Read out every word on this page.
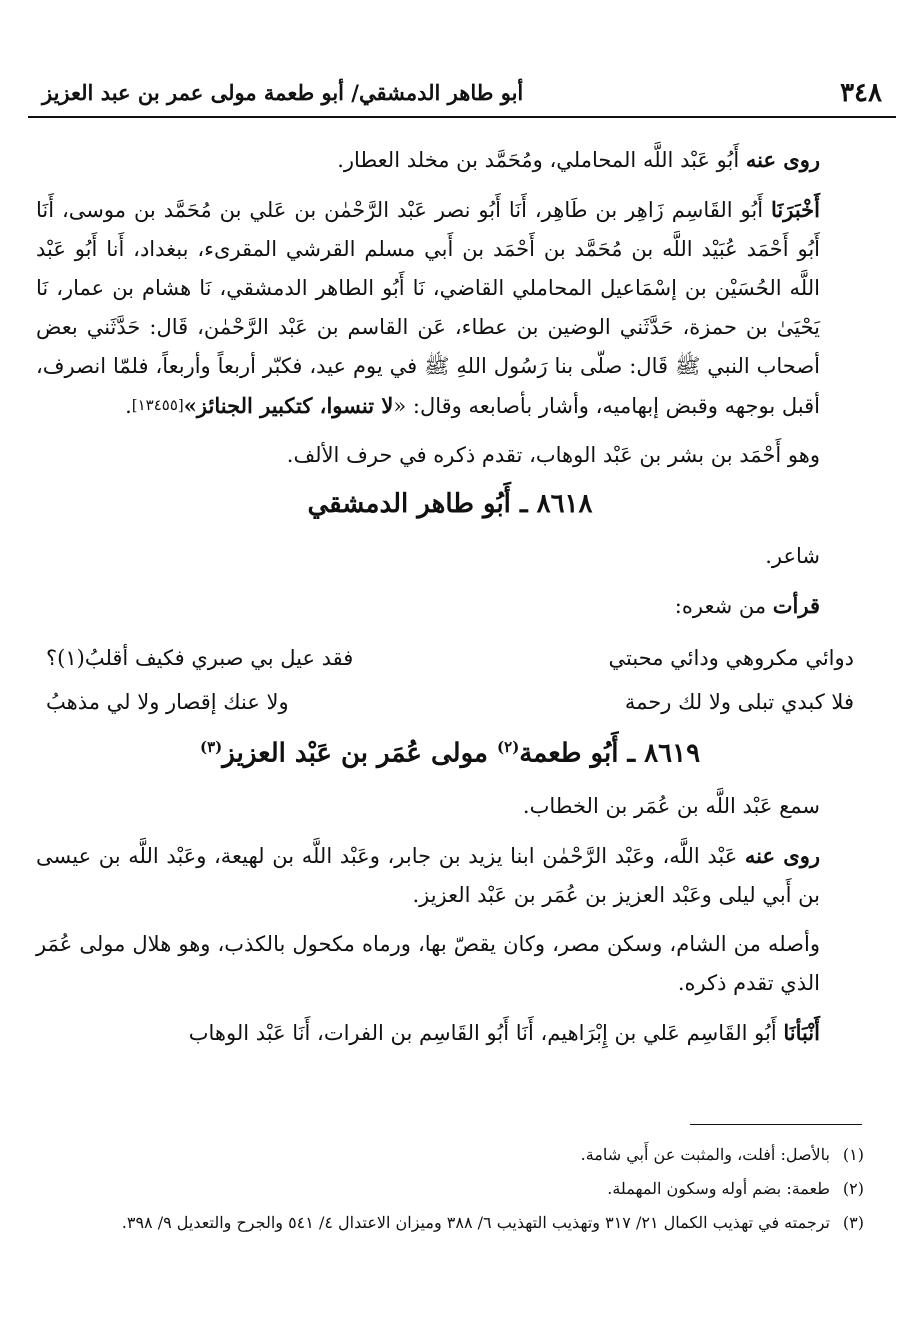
٣٤٨
أبو طاهر الدمشقي/ أبو طعمة مولى عمر بن عبد العزيز

روى عنه أَبُو عَبْد اللَّه المحاملي، ومُحَمَّد بن مخلد العطار.

أَخْبَرَنَا أَبُو القَاسِم زَاهِر بن طَاهِر، أَنَا أَبُو نصر عَبْد الرَّحْمٰن بن عَلي بن مُحَمَّد بن موسى، أَنَا أَبُو أَحْمَد عُبَيْد اللَّه بن مُحَمَّد بن أَحْمَد بن أَبي مسلم القرشي المقرىء، ببغداد، أَنا أَبُو عَبْد اللَّه الحُسَيْن بن إسْمَاعيل المحاملي القاضي، نَا أَبُو الطاهر الدمشقي، نَا هشام بن عمار، نَا يَحْيَىٰ بن حمزة، حَدَّثَني الوضين بن عطاء، عَن القاسم بن عَبْد الرَّحْمٰن، قَال: حَدَّثَني بعض أصحاب النبي ﷺ قَال: صلّى بنا رَسُول اللهِ ﷺ في يوم عيد، فكبّر أربعاً وأربعاً، فلمّا انصرف، أقبل بوجهه وقبض إبهاميه، وأشار بأصابعه وقال: «لا تنسوا، كتكبير الجنائز»[١٣٤٥٥].

وهو أَحْمَد بن بشر بن عَبْد الوهاب، تقدم ذكره في حرف الألف.

٨٦١٨ ـ أَبُو طاهر الدمشقي

شاعر.

قرأت من شعره:

دوائي مكروهي ودائي محبتي
فقد عيل بي صبري فكيف أقلبُ(١)؟
فلا كبدي تبلى ولا لك رحمة
ولا عنك إقصار ولا لي مذهبُ
٨٦١٩ ـ أَبُو طعمة$^{(٢)}$ مولى عُمَر بن عَبْد العزيز$^{(٣)}$

سمع عَبْد اللَّه بن عُمَر بن الخطاب.

روى عنه عَبْد اللَّه، وعَبْد الرَّحْمٰن ابنا يزيد بن جابر، وعَبْد اللَّه بن لهيعة، وعَبْد اللَّه بن عيسى بن أَبي ليلى وعَبْد العزيز بن عُمَر بن عَبْد العزيز.

وأصله من الشام، وسكن مصر، وكان يقصّ بها، ورماه مكحول بالكذب، وهو هلال مولى عُمَر الذي تقدم ذكره.

أَنْبَأنَا أَبُو القَاسِم عَلي بن إِبْرَاهيم، أَنَا أَبُو القَاسِم بن الفرات، أَنَا عَبْد الوهاب

(١)
بالأصل: أفلت، والمثبت عن أَبي شامة.
(٢)
طعمة: بضم أوله وسكون المهملة.
(٣)
ترجمته في تهذيب الكمال ٢١/ ٣١٧ وتهذيب التهذيب ٦/ ٣٨٨ وميزان الاعتدال ٤/ ٥٤١ والجرح والتعديل ٩/ ٣٩٨.
